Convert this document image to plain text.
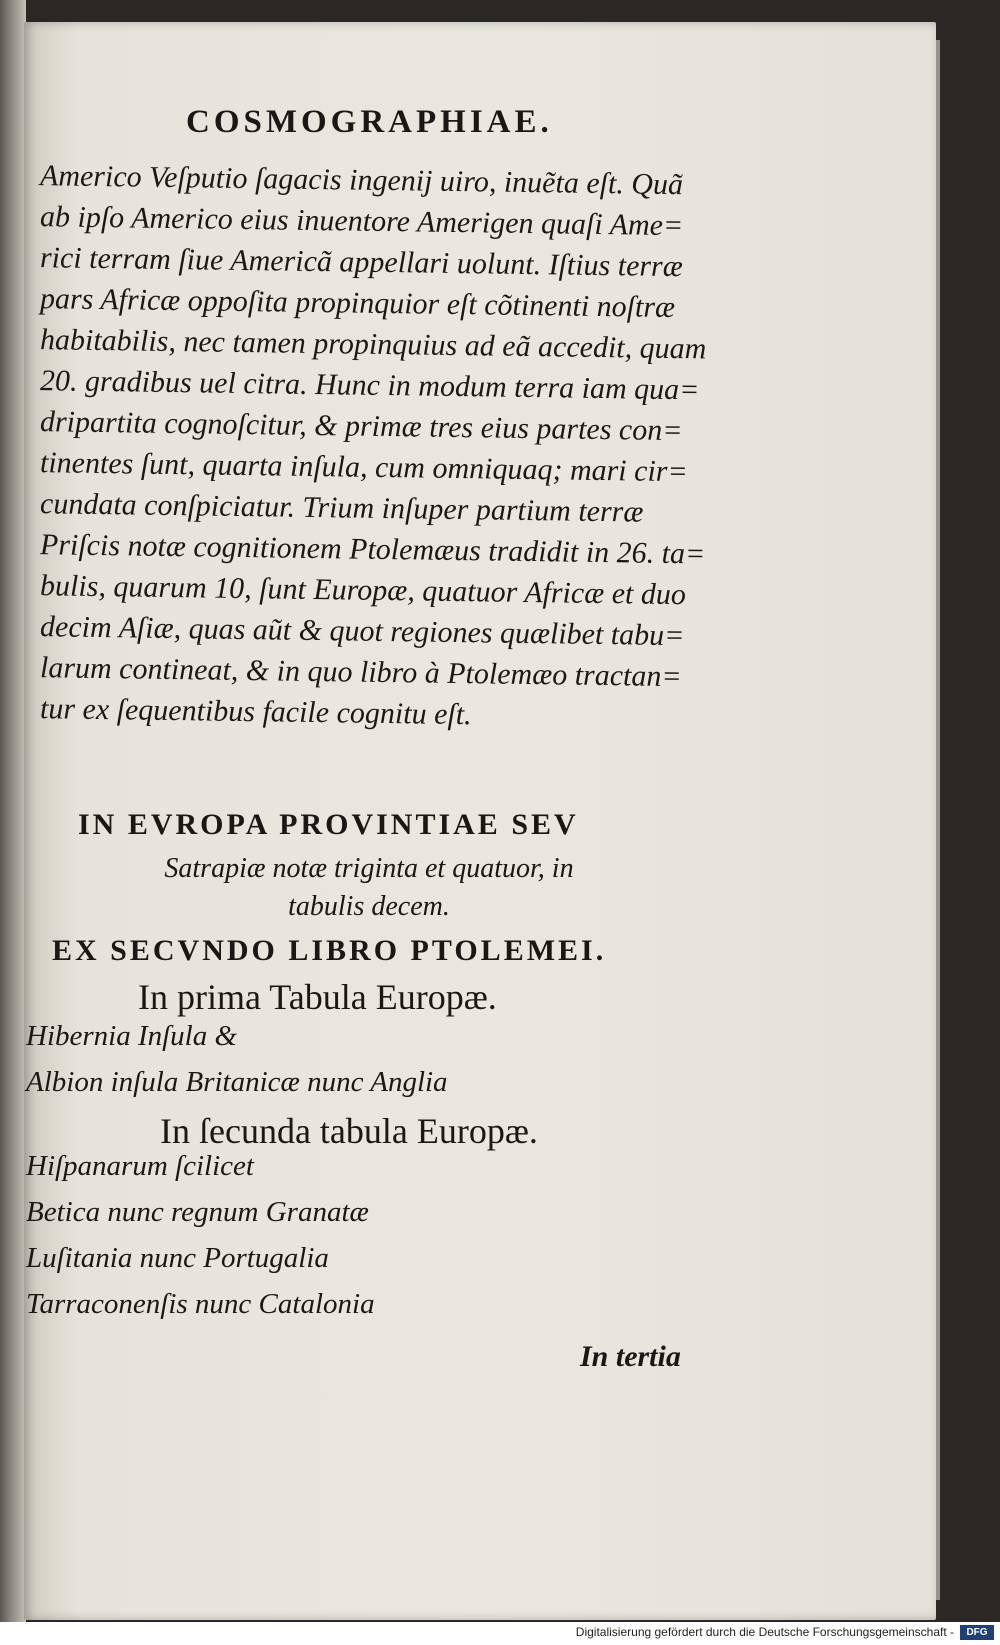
COSMOGRAPHIAE.
Americo Veſputio ſagacis ingenij uiro, inuẽta eſt. Quã
ab ipſo Americo eius inuentore Amerigen quaſi Ame=
rici terram ſiue Americã appellari uolunt. Iſtius terræ
pars Africæ oppoſita propinquior eſt cõtinenti noſtræ
habitabilis, nec tamen propinquius ad eã accedit, quam
20. gradibus uel citra. Hunc in modum terra iam qua=
dripartita cognoſcitur, & primæ tres eius partes con=
tinentes ſunt, quarta inſula, cum omniquaq; mari cir=
cundata conſpiciatur. Trium inſuper partium terræ
Priſcis notæ cognitionem Ptolemæus tradidit in 26. ta=
bulis, quarum 10, ſunt Europæ, quatuor Africæ et duo
decim Aſiæ, quas aũt & quot regiones quælibet tabu=
larum contineat, & in quo libro à Ptolemæo tractan=
tur ex ſequentibus facile cognitu eſt.
IN EVROPA PROVINTIAE SEV
Satrapiæ notæ triginta et quatuor, in
tabulis decem.
EX SECVNDO LIBRO PTOLEMEI.
In prima Tabula Europæ.
Hibernia Inſula &
Albion inſula Britanicæ nunc Anglia
In ſecunda tabula Europæ.
Hiſpanarum ſcilicet
Betica nunc regnum Granatæ
Luſitania nunc Portugalia
Tarraconenſis nunc Catalonia
In tertia
Digitalisierung gefördert durch die Deutsche Forschungsgemeinschaft -	DFG
